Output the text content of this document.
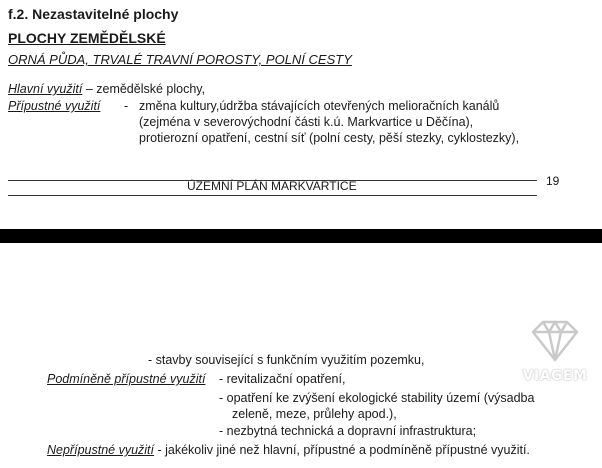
f.2. Nezastavitelné plochy
PLOCHY ZEMĚDĚLSKÉ
ORNÁ PŮDA, TRVALÉ TRAVNÍ POROSTY, POLNÍ CESTY
Hlavní využití – zemědělské plochy,
Přípustné využití - změna kultury,údržba stávajících otevřených melioračních kanálů
(zejména v severovýchodní části k.ú. Markvartice u Děčína),
protierozní opatření, cestní síť (polní cesty, pěší stezky, cyklostezky),
ÚZEMNÍ PLÁN MARKVARTICE	19
- stavby související s funkčním využitím pozemku,
Podmíněně přípustné využití - revitalizační opatření,
- opatření ke zvýšení ekologické stability území (výsadba
zeleně, meze, průlehy apod.),
- nezbytná technická a dopravní infrastruktura;
Nepřípustné využití - jakékoliv jiné než hlavní, přípustné a podmíněně přípustné využití.
VIAGEM
